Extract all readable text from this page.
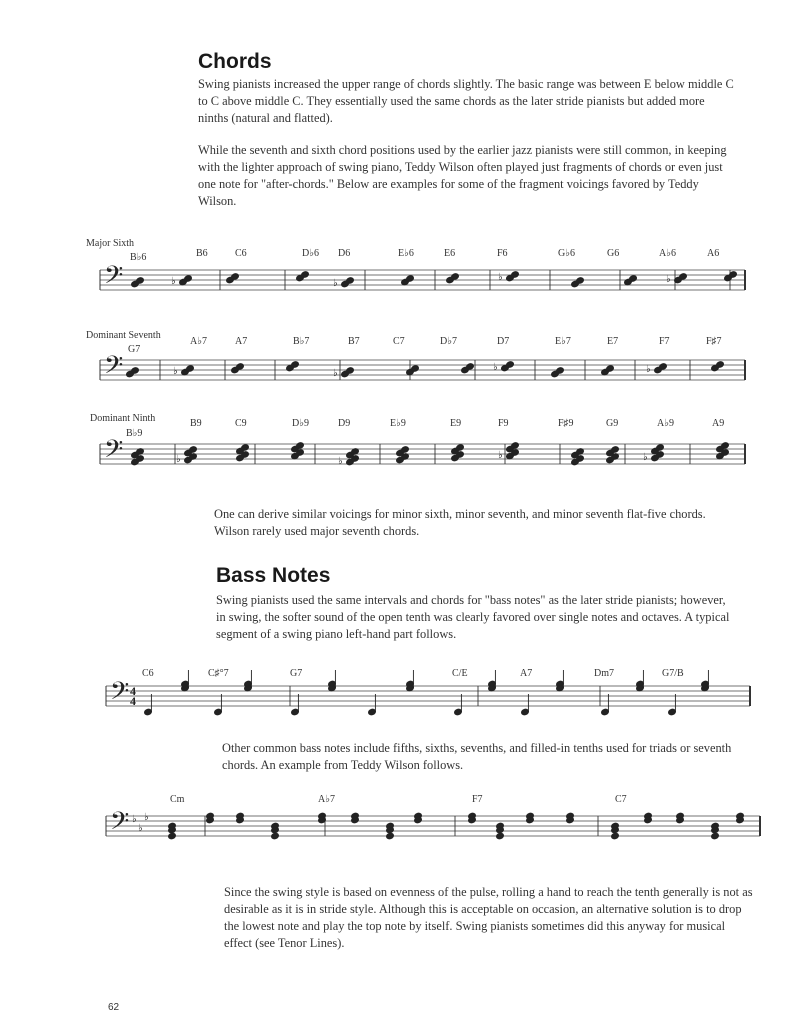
Chords

Swing pianists increased the upper range of chords slightly. The basic range was between E below middle C to C above middle C. They essentially used the same chords as the later stride pianists but added more ninths (natural and flatted).

While the seventh and sixth chord positions used by the earlier jazz pianists were still common, in keeping with the lighter approach of swing piano, Teddy Wilson often played just fragments of chords or even just one note for "after-chords." Below are examples for some of the fragment voicings favored by Teddy Wilson.

Major Sixth
B♭6	B6	C6	D♭6 D6	E♭6	E6	F6	G♭6	G6	A♭6	A6
𝄢	♭	♭
♭	♭
Dominant Seventh
G7
A♭7	A7	B♭7	B7	C7	D♭7	D7	E♭7	E7	F7	F♯7
𝄢	♭	♭
♭	♭
Dominant Ninth
B♭9
B9	C9	D♭9	D9	E♭9	E9	F9	F♯9	G9	A♭9	A9
𝄢	♭	♭
♭	♭

One can derive similar voicings for minor sixth, minor seventh, and minor seventh flat-five chords. Wilson rarely used major seventh chords.

Bass Notes

Swing pianists used the same intervals and chords for "bass notes" as the later stride pianists; however, in swing, the softer sound of the open tenth was clearly favored over single notes and octaves. A typical segment of a swing piano left-hand part follows.

C6	C♯°7	G7	C/E	A7	Dm7	G7/B
𝄢 4
4

Other common bass notes include fifths, sixths, sevenths, and filled-in tenths used for triads or seventh chords. An example from Teddy Wilson follows.

Cm	A♭7	F7	C7
𝄢 ♭
♭
♭

Since the swing style is based on evenness of the pulse, rolling a hand to reach the tenth generally is not as desirable as it is in stride style. Although this is acceptable on occasion, an alternative solution is to drop the lowest note and play the top note by itself. Swing pianists sometimes did this anyway for musical effect (see Tenor Lines).

62
